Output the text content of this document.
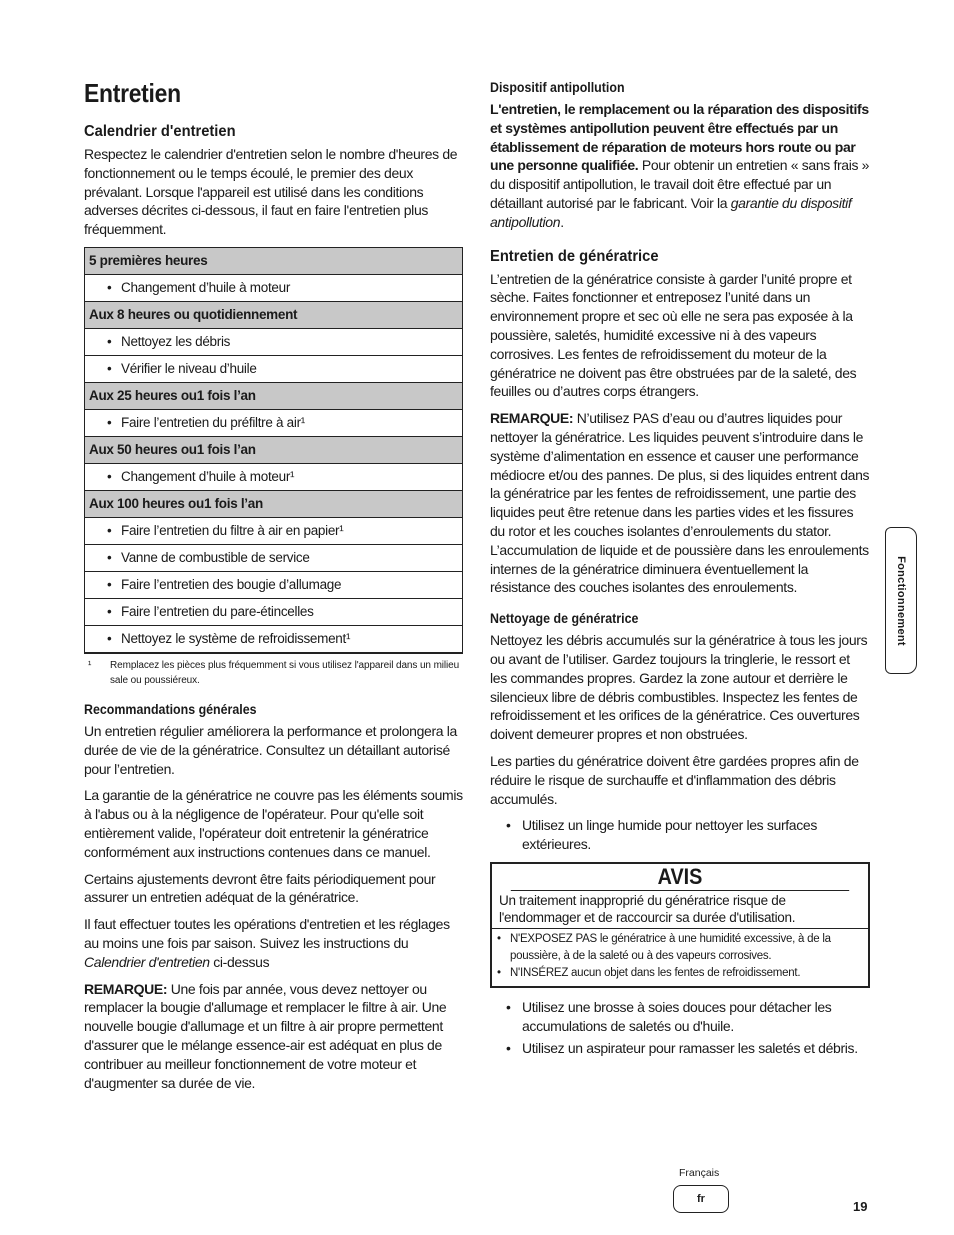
Entretien
Calendrier d'entretien

Respectez le calendrier d'entretien selon le nombre d'heures de fonctionnement ou le temps écoulé, le premier des deux prévalant. Lorsque l'appareil est utilisé dans les conditions adverses décrites ci-dessous, il faut en faire l'entretien plus fréquemment.

5 premières heures
• Changement d’huile à moteur
Aux 8 heures ou quotidiennement
• Nettoyez les débris
• Vérifier le niveau d’huile
Aux 25 heures ou1 fois l’an
• Faire l’entretien du préfiltre à air¹
Aux 50 heures ou1 fois l’an
• Changement d’huile à moteur¹
Aux 100 heures ou1 fois l’an
• Faire l’entretien du filtre à air en papier¹
• Vanne de combustible de service
• Faire l’entretien des bougie d’allumage
• Faire l’entretien du pare-étincelles
• Nettoyez le système de refroidissement¹
¹	Remplacez les pièces plus fréquemment si vous utilisez l'appareil dans un milieu sale ou poussiéreux.
Recommandations générales

Un entretien régulier améliorera la performance et prolongera la durée de vie de la génératrice. Consultez un détaillant autorisé pour l’entretien.

La garantie de la génératrice ne couvre pas les éléments soumis à l'abus ou à la négligence de l'opérateur. Pour qu'elle soit entièrement valide, l'opérateur doit entretenir la génératrice conformément aux instructions contenues dans ce manuel.

Certains ajustements devront être faits périodiquement pour assurer un entretien adéquat de la génératrice.

Il faut effectuer toutes les opérations d'entretien et les réglages au moins une fois par saison. Suivez les instructions du Calendrier d'entretien ci-dessus

REMARQUE: Une fois par année, vous devez nettoyer ou remplacer la bougie d'allumage et remplacer le filtre à air. Une nouvelle bougie d'allumage et un filtre à air propre permettent d'assurer que le mélange essence-air est adéquat en plus de contribuer au meilleur fonctionnement de votre moteur et d'augmenter sa durée de vie.

Dispositif antipollution

L'entretien, le remplacement ou la réparation des dispositifs et systèmes antipollution peuvent être effectués par un établissement de réparation de moteurs hors route ou par une personne qualifiée. Pour obtenir un entretien « sans frais » du dispositif antipollution, le travail doit être effectué par un détaillant autorisé par le fabricant. Voir la garantie du dispositif antipollution.

Entretien de génératrice

L’entretien de la génératrice consiste à garder l’unité propre et sèche. Faites fonctionner et entreposez l’unité dans un environnement propre et sec où elle ne sera pas exposée à la poussière, saletés, humidité excessive ni à des vapeurs corrosives. Les fentes de refroidissement du moteur de la génératrice ne doivent pas être obstruées par de la saleté, des feuilles ou d’autres corps étrangers.

REMARQUE: N’utilisez PAS d’eau ou d’autres liquides pour nettoyer la génératrice. Les liquides peuvent s’introduire dans le système d’alimentation en essence et causer une performance médiocre et/ou des pannes. De plus, si des liquides entrent dans la génératrice par les fentes de refroidissement, une partie des liquides peut être retenue dans les parties vides et les fissures du rotor et les couches isolantes d’enroulements du stator. L’accumulation de liquide et de poussière dans les enroulements internes de la génératrice diminuera éventuellement la résistance des couches isolantes des enroulements.

Nettoyage de génératrice

Nettoyez les débris accumulés sur la génératrice à tous les jours ou avant de l’utiliser. Gardez toujours la tringlerie, le ressort et les commandes propres. Gardez la zone autour et derrière le silencieux libre de débris combustibles. Inspectez les fentes de refroidissement et les orifices de la génératrice. Ces ouvertures doivent demeurer propres et non obstruées.

Les parties du génératrice doivent être gardées propres afin de réduire le risque de surchauffe et d'inflammation des débris accumulés.

• Utilisez un linge humide pour nettoyer les surfaces extérieures.
AVIS
Un traitement inapproprié du génératrice risque de l'endommager et de raccourcir sa durée d'utilisation.
• N'EXPOSEZ PAS le génératrice à une humidité excessive, à de la poussière, à de la saleté ou à des vapeurs corrosives.
• N'INSÉREZ aucun objet dans les fentes de refroidissement.
• Utilisez une brosse à soies douces pour détacher les accumulations de saletés ou d'huile.
• Utilisez un aspirateur pour ramasser les saletés et débris.
Fonctionnement
Français
fr	19
